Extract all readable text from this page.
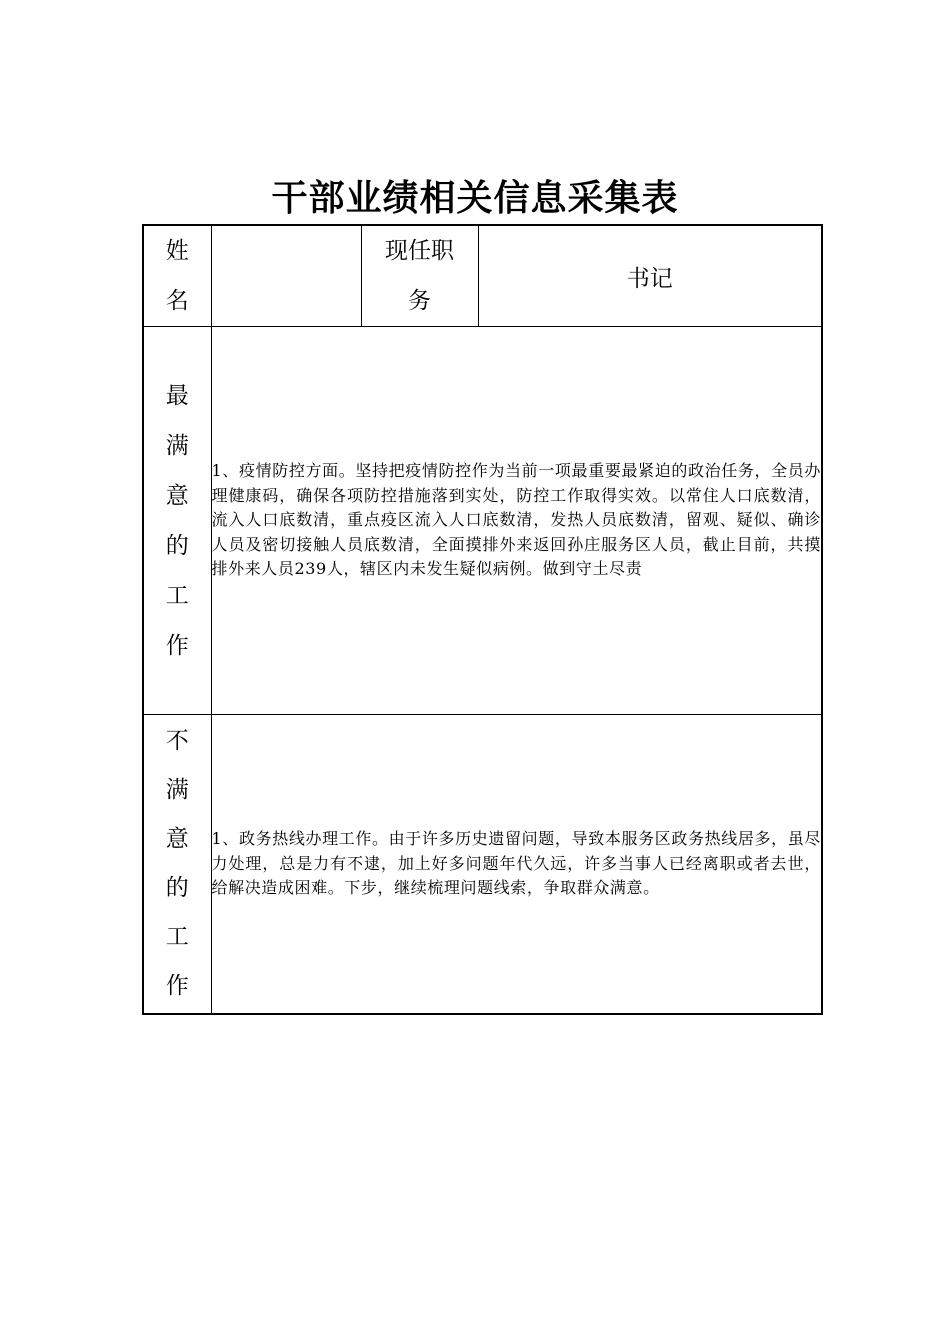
干部业绩相关信息采集表
姓名		现任职务	书记

最满意的工作	1、疫情防控方面。坚持把疫情防控作为当前一项最重要最紧迫的政治任务，全员办理健康码，确保各项防控措施落到实处，防控工作取得实效。以常住人口底数清，流入人口底数清，重点疫区流入人口底数清，发热人员底数清，留观、疑似、确诊人员及密切接触人员底数清，全面摸排外来返回孙庄服务区人员，截止目前，共摸排外来人员239人，辖区内未发生疑似病例。做到守土尽责		

不满意的工作	1、政务热线办理工作。由于许多历史遗留问题，导致本服务区政务热线居多，虽尽力处理，总是力有不逮，加上好多问题年代久远，许多当事人已经离职或者去世，给解决造成困难。下步，继续梳理问题线索，争取群众满意。		
